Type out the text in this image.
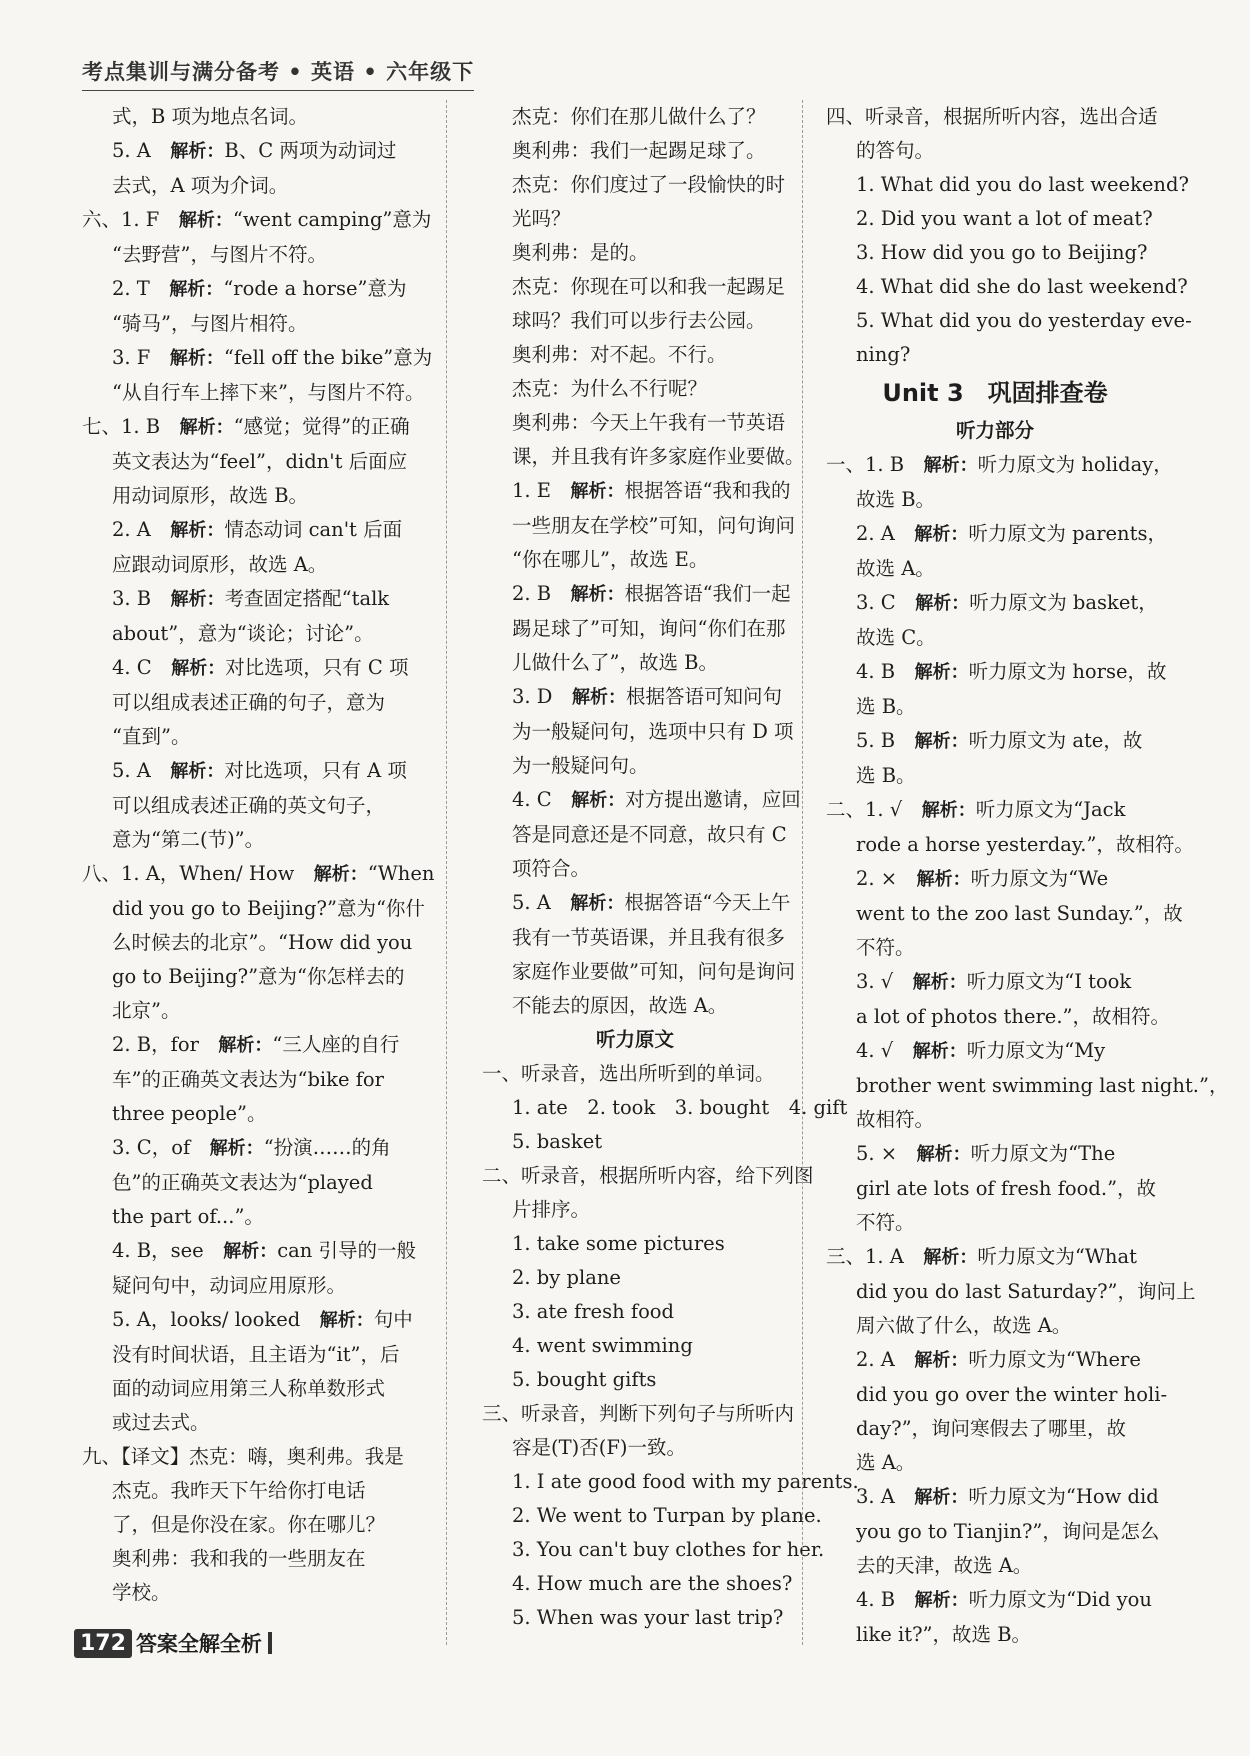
考点集训与满分备考 • 英语 • 六年级下
式，B 项为地点名词。
5. A　解析：B、C 两项为动词过
去式，A 项为介词。
六、1. F　解析：“went camping”意为
“去野营”，与图片不符。
2. T　解析：“rode a horse”意为
“骑马”，与图片相符。
3. F　解析：“fell off the bike”意为
“从自行车上摔下来”，与图片不符。
七、1. B　解析：“感觉；觉得”的正确
英文表达为“feel”，didn't 后面应
用动词原形，故选 B。
2. A　解析：情态动词 can't 后面
应跟动词原形，故选 A。
3. B　解析：考查固定搭配“talk
about”，意为“谈论；讨论”。
4. C　解析：对比选项，只有 C 项
可以组成表述正确的句子，意为
“直到”。
5. A　解析：对比选项，只有 A 项
可以组成表述正确的英文句子，
意为“第二(节)”。
八、1. A，When/ How　解析：“When
did you go to Beijing?”意为“你什
么时候去的北京”。“How did you
go to Beijing?”意为“你怎样去的
北京”。
2. B，for　解析：“三人座的自行
车”的正确英文表达为“bike for
three people”。
3. C，of　解析：“扮演……的角
色”的正确英文表达为“played
the part of...”。
4. B，see　解析：can 引导的一般
疑问句中，动词应用原形。
5. A，looks/ looked　解析：句中
没有时间状语，且主语为“it”，后
面的动词应用第三人称单数形式
或过去式。
九、【译文】杰克：嗨，奥利弗。我是
杰克。我昨天下午给你打电话
了，但是你没在家。你在哪儿？
奥利弗：我和我的一些朋友在
学校。
杰克：你们在那儿做什么了？
奥利弗：我们一起踢足球了。
杰克：你们度过了一段愉快的时
光吗？
奥利弗：是的。
杰克：你现在可以和我一起踢足
球吗？我们可以步行去公园。
奥利弗：对不起。不行。
杰克：为什么不行呢？
奥利弗：今天上午我有一节英语
课，并且我有许多家庭作业要做。
1. E　解析：根据答语“我和我的
一些朋友在学校”可知，问句询问
“你在哪儿”，故选 E。
2. B　解析：根据答语“我们一起
踢足球了”可知，询问“你们在那
儿做什么了”，故选 B。
3. D　解析：根据答语可知问句
为一般疑问句，选项中只有 D 项
为一般疑问句。
4. C　解析：对方提出邀请，应回
答是同意还是不同意，故只有 C
项符合。
5. A　解析：根据答语“今天上午
我有一节英语课，并且我有很多
家庭作业要做”可知，问句是询问
不能去的原因，故选 A。
听力原文
一、听录音，选出所听到的单词。
1. ate　2. took　3. bought　4. gift
5. basket
二、听录音，根据所听内容，给下列图
片排序。
1. take some pictures
2. by plane
3. ate fresh food
4. went swimming
5. bought gifts
三、听录音，判断下列句子与所听内
容是(T)否(F)一致。
1. I ate good food with my parents.
2. We went to Turpan by plane.
3. You can't buy clothes for her.
4. How much are the shoes?
5. When was your last trip?
四、听录音，根据所听内容，选出合适
的答句。
1. What did you do last weekend?
2. Did you want a lot of meat?
3. How did you go to Beijing?
4. What did she do last weekend?
5. What did you do yesterday eve-
ning?
Unit 3　巩固排查卷
听力部分
一、1. B　解析：听力原文为 holiday，
故选 B。
2. A　解析：听力原文为 parents，
故选 A。
3. C　解析：听力原文为 basket，
故选 C。
4. B　解析：听力原文为 horse，故
选 B。
5. B　解析：听力原文为 ate，故
选 B。
二、1. √　解析：听力原文为“Jack
rode a horse yesterday.”，故相符。
2. ×　解析：听力原文为“We
went to the zoo last Sunday.”，故
不符。
3. √　解析：听力原文为“I took
a lot of photos there.”，故相符。
4. √　解析：听力原文为“My
brother went swimming last night.”，
故相符。
5. ×　解析：听力原文为“The
girl ate lots of fresh food.”，故
不符。
三、1. A　解析：听力原文为“What
did you do last Saturday?”，询问上
周六做了什么，故选 A。
2. A　解析：听力原文为“Where
did you go over the winter holi-
day?”，询问寒假去了哪里，故
选 A。
3. A　解析：听力原文为“How did
you go to Tianjin?”，询问是怎么
去的天津，故选 A。
4. B　解析：听力原文为“Did you
like it?”，故选 B。
172 答案全解全析
